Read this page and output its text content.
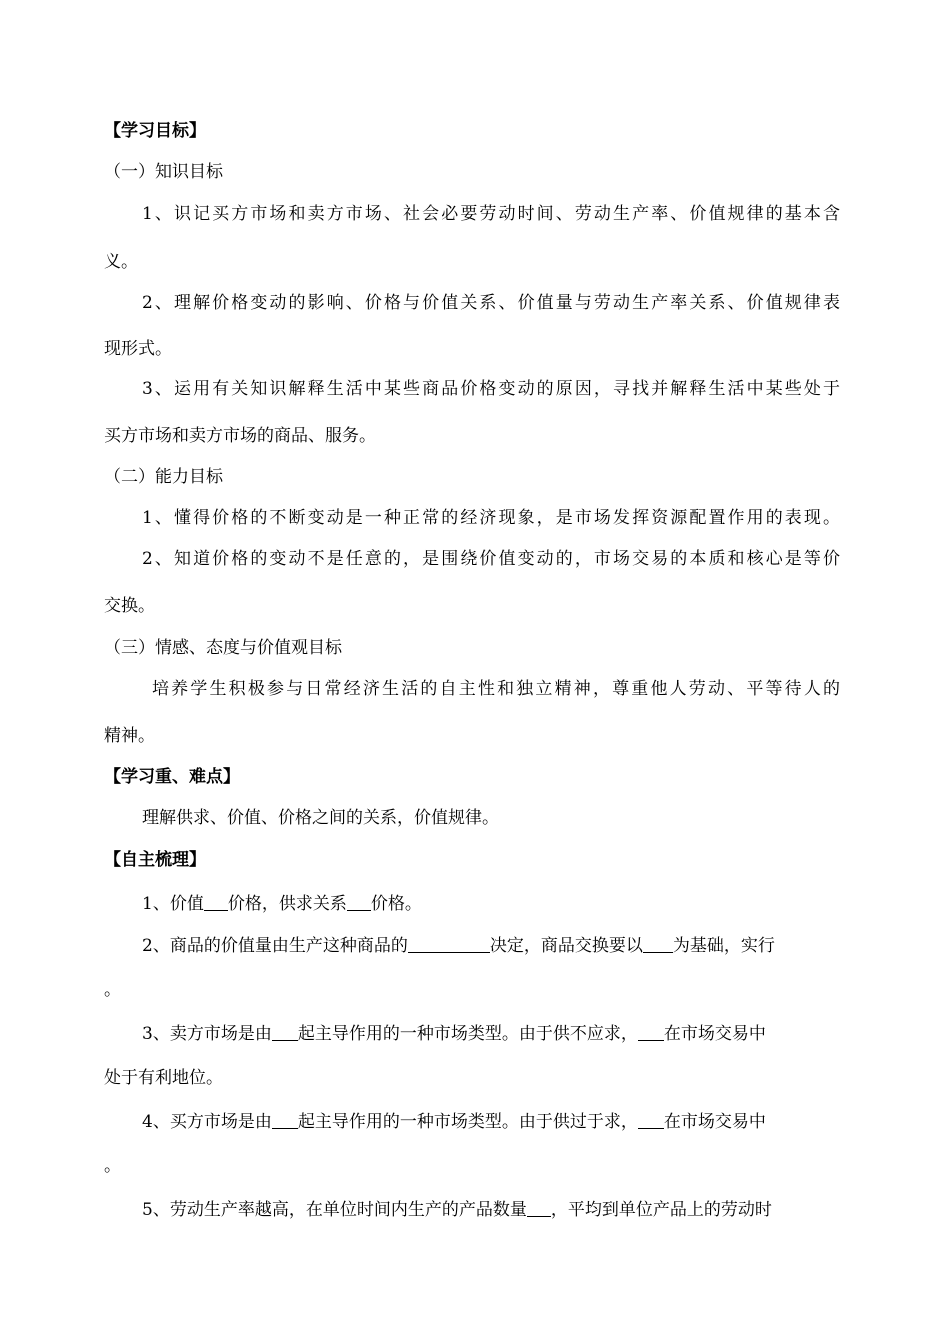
【学习目标】
（一）知识目标
1、识记买方市场和卖方市场、社会必要劳动时间、劳动生产率、价值规律的基本含
义。
2、理解价格变动的影响、价格与价值关系、价值量与劳动生产率关系、价值规律表
现形式。
3、运用有关知识解释生活中某些商品价格变动的原因，寻找并解释生活中某些处于
买方市场和卖方市场的商品、服务。
（二）能力目标
1、懂得价格的不断变动是一种正常的经济现象，是市场发挥资源配置作用的表现。
2、知道价格的变动不是任意的，是围绕价值变动的，市场交易的本质和核心是等价
交换。
（三）情感、态度与价值观目标
培养学生积极参与日常经济生活的自主性和独立精神，尊重他人劳动、平等待人的
精神。
【学习重、难点】
理解供求、价值、价格之间的关系，价值规律。
【自主梳理】
1、价值 价格，供求关系 价格。
2、商品的价值量由生产这种商品的	决定，商品交换要以 为基础，实行
。
3、卖方市场是由 起主导作用的一种市场类型。由于供不应求， 在市场交易中
处于有利地位。
4、买方市场是由 起主导作用的一种市场类型。由于供过于求， 在市场交易中
。
5、劳动生产率越高，在单位时间内生产的产品数量 ，平均到单位产品上的劳动时
